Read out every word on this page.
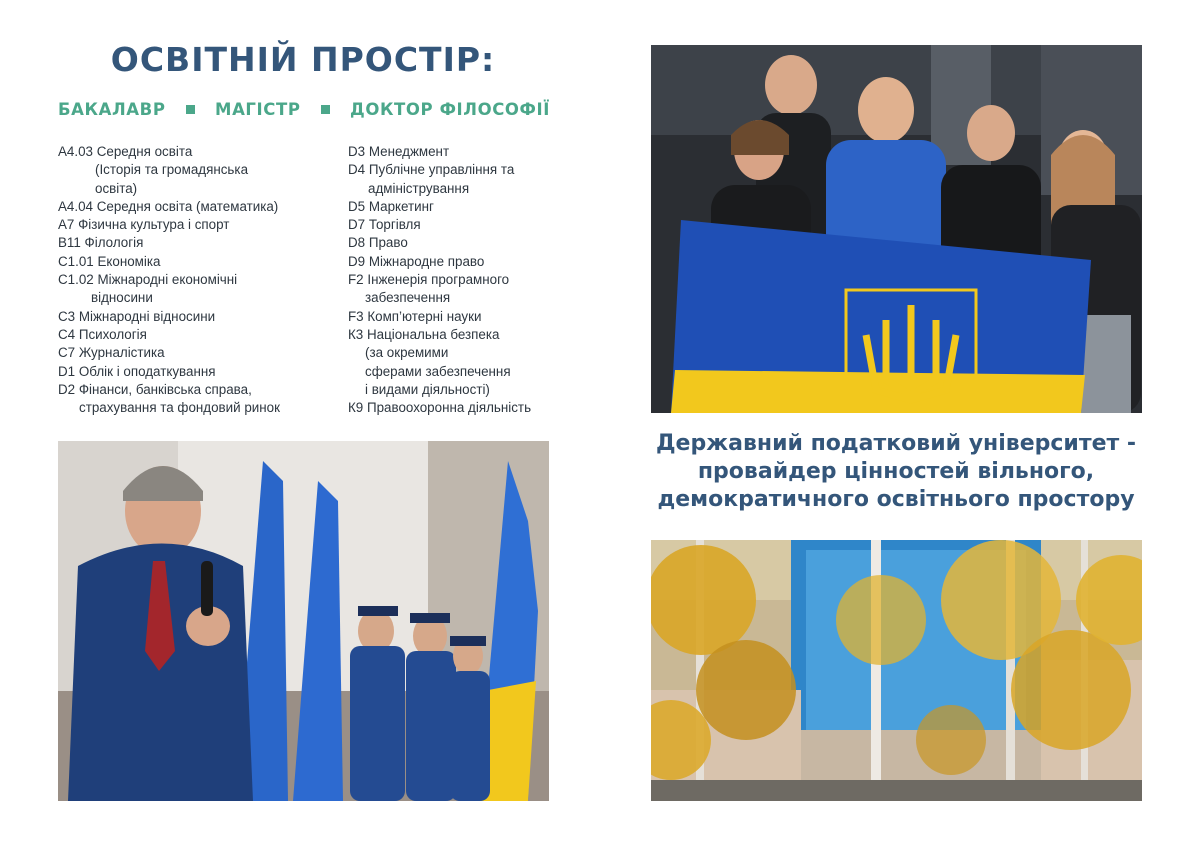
ОСВІТНІЙ ПРОСТІР:
БАКАЛАВР	МАГІСТР	ДОКТОР ФІЛОСОФІЇ
А4.03 Середня освіта
(Історія та громадянська
освіта)
А4.04 Середня освіта (математика)
А7 Фізична культура і спорт
В11 Філологія
С1.01 Економіка
С1.02 Міжнародні економічні
відносини
С3 Міжнародні відносини
С4 Психологія
С7 Журналістика
D1 Облік і оподаткування
D2 Фінанси, банківська справа,
страхування та фондовий ринок
D3 Менеджмент
D4 Публічне управління та
адміністрування
D5 Маркетинг
D7 Торгівля
D8 Право
D9 Міжнародне право
F2 Інженерія програмного
забезпечення
F3 Комп’ютерні науки
К3 Національна безпека
(за окремими
сферами забезпечення
і видами діяльності)
К9 Правоохоронна діяльність
Державний податковий університет -
провайдер цінностей вільного,
демократичного освітнього простору
